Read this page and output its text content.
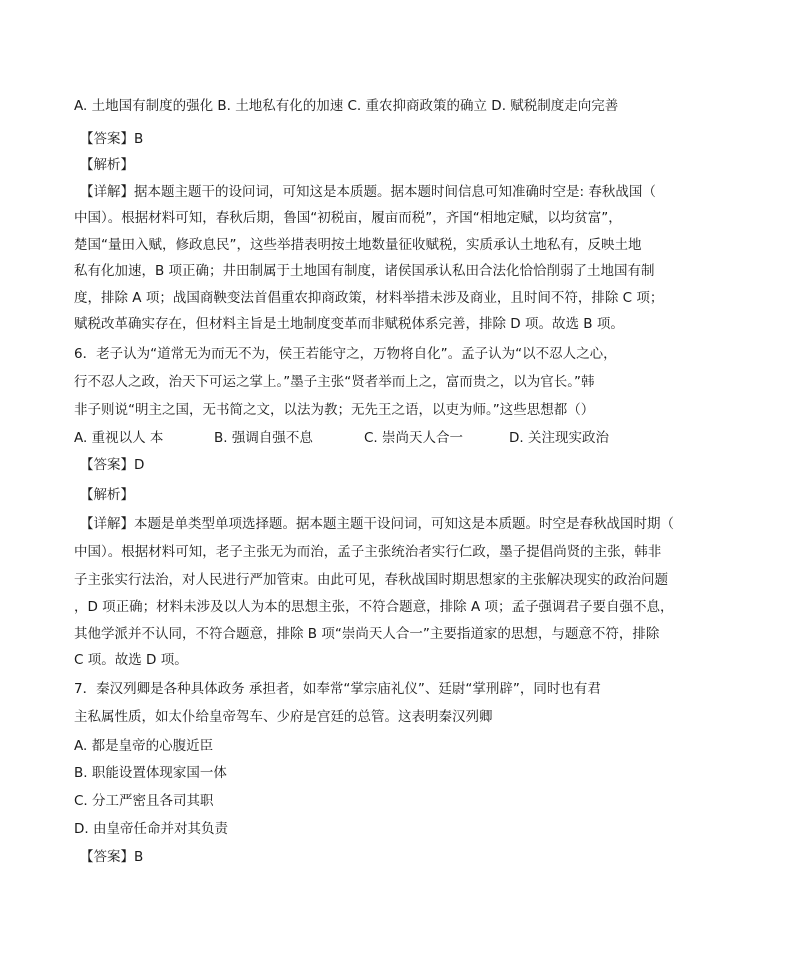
A. 土地国有制度的强化 B. 土地私有化的加速 C. 重农抑商政策的确立 D. 赋税制度走向完善
【答案】B
【解析】
【详解】据本题主题干的设问词，可知这是本质题。据本题时间信息可知准确时空是: 春秋战国（
中国）。根据材料可知，春秋后期，鲁国“初税亩，履亩而税”，齐国“相地定赋，以均贫富”，
楚国“量田入赋，修政息民”，这些举措表明按土地数量征收赋税，实质承认土地私有，反映土地
私有化加速，B 项正确；井田制属于土地国有制度，诸侯国承认私田合法化恰恰削弱了土地国有制
度，排除 A 项；战国商鞅变法首倡重农抑商政策，材料举措未涉及商业，且时间不符，排除 C 项；
赋税改革确实存在，但材料主旨是土地制度变革而非赋税体系完善，排除 D 项。故选 B 项。
6．老子认为“道常无为而无不为，侯王若能守之，万物将自化”。孟子认为“以不忍人之心，
行不忍人之政，治天下可运之掌上。”墨子主张“贤者举而上之，富而贵之，以为官长。”韩
非子则说“明主之国，无书简之文，以法为教；无先王之语，以吏为师。”这些思想都（）
A. 重视以人 本	B. 强调自强不息	C. 崇尚天人合一	D. 关注现实政治
【答案】D
【解析】
【详解】本题是单类型单项选择题。据本题主题干设问词，可知这是本质题。时空是春秋战国时期（
中国）。根据材料可知，老子主张无为而治，孟子主张统治者实行仁政，墨子提倡尚贤的主张，韩非
子主张实行法治，对人民进行严加管束。由此可见，春秋战国时期思想家的主张解决现实的政治问题
，D 项正确；材料未涉及以人为本的思想主张，不符合题意，排除 A 项；孟子强调君子要自强不息，
其他学派并不认同，不符合题意，排除 B 项“崇尚天人合一”主要指道家的思想，与题意不符，排除
C 项。故选 D 项。
7．秦汉列卿是各种具体政务 承担者，如奉常“掌宗庙礼仪”、廷尉“掌刑辟”，同时也有君
主私属性质，如太仆给皇帝驾车、少府是宫廷的总管。这表明秦汉列卿
A. 都是皇帝的心腹近臣
B. 职能设置体现家国一体
C. 分工严密且各司其职
D. 由皇帝任命并对其负责
【答案】B
